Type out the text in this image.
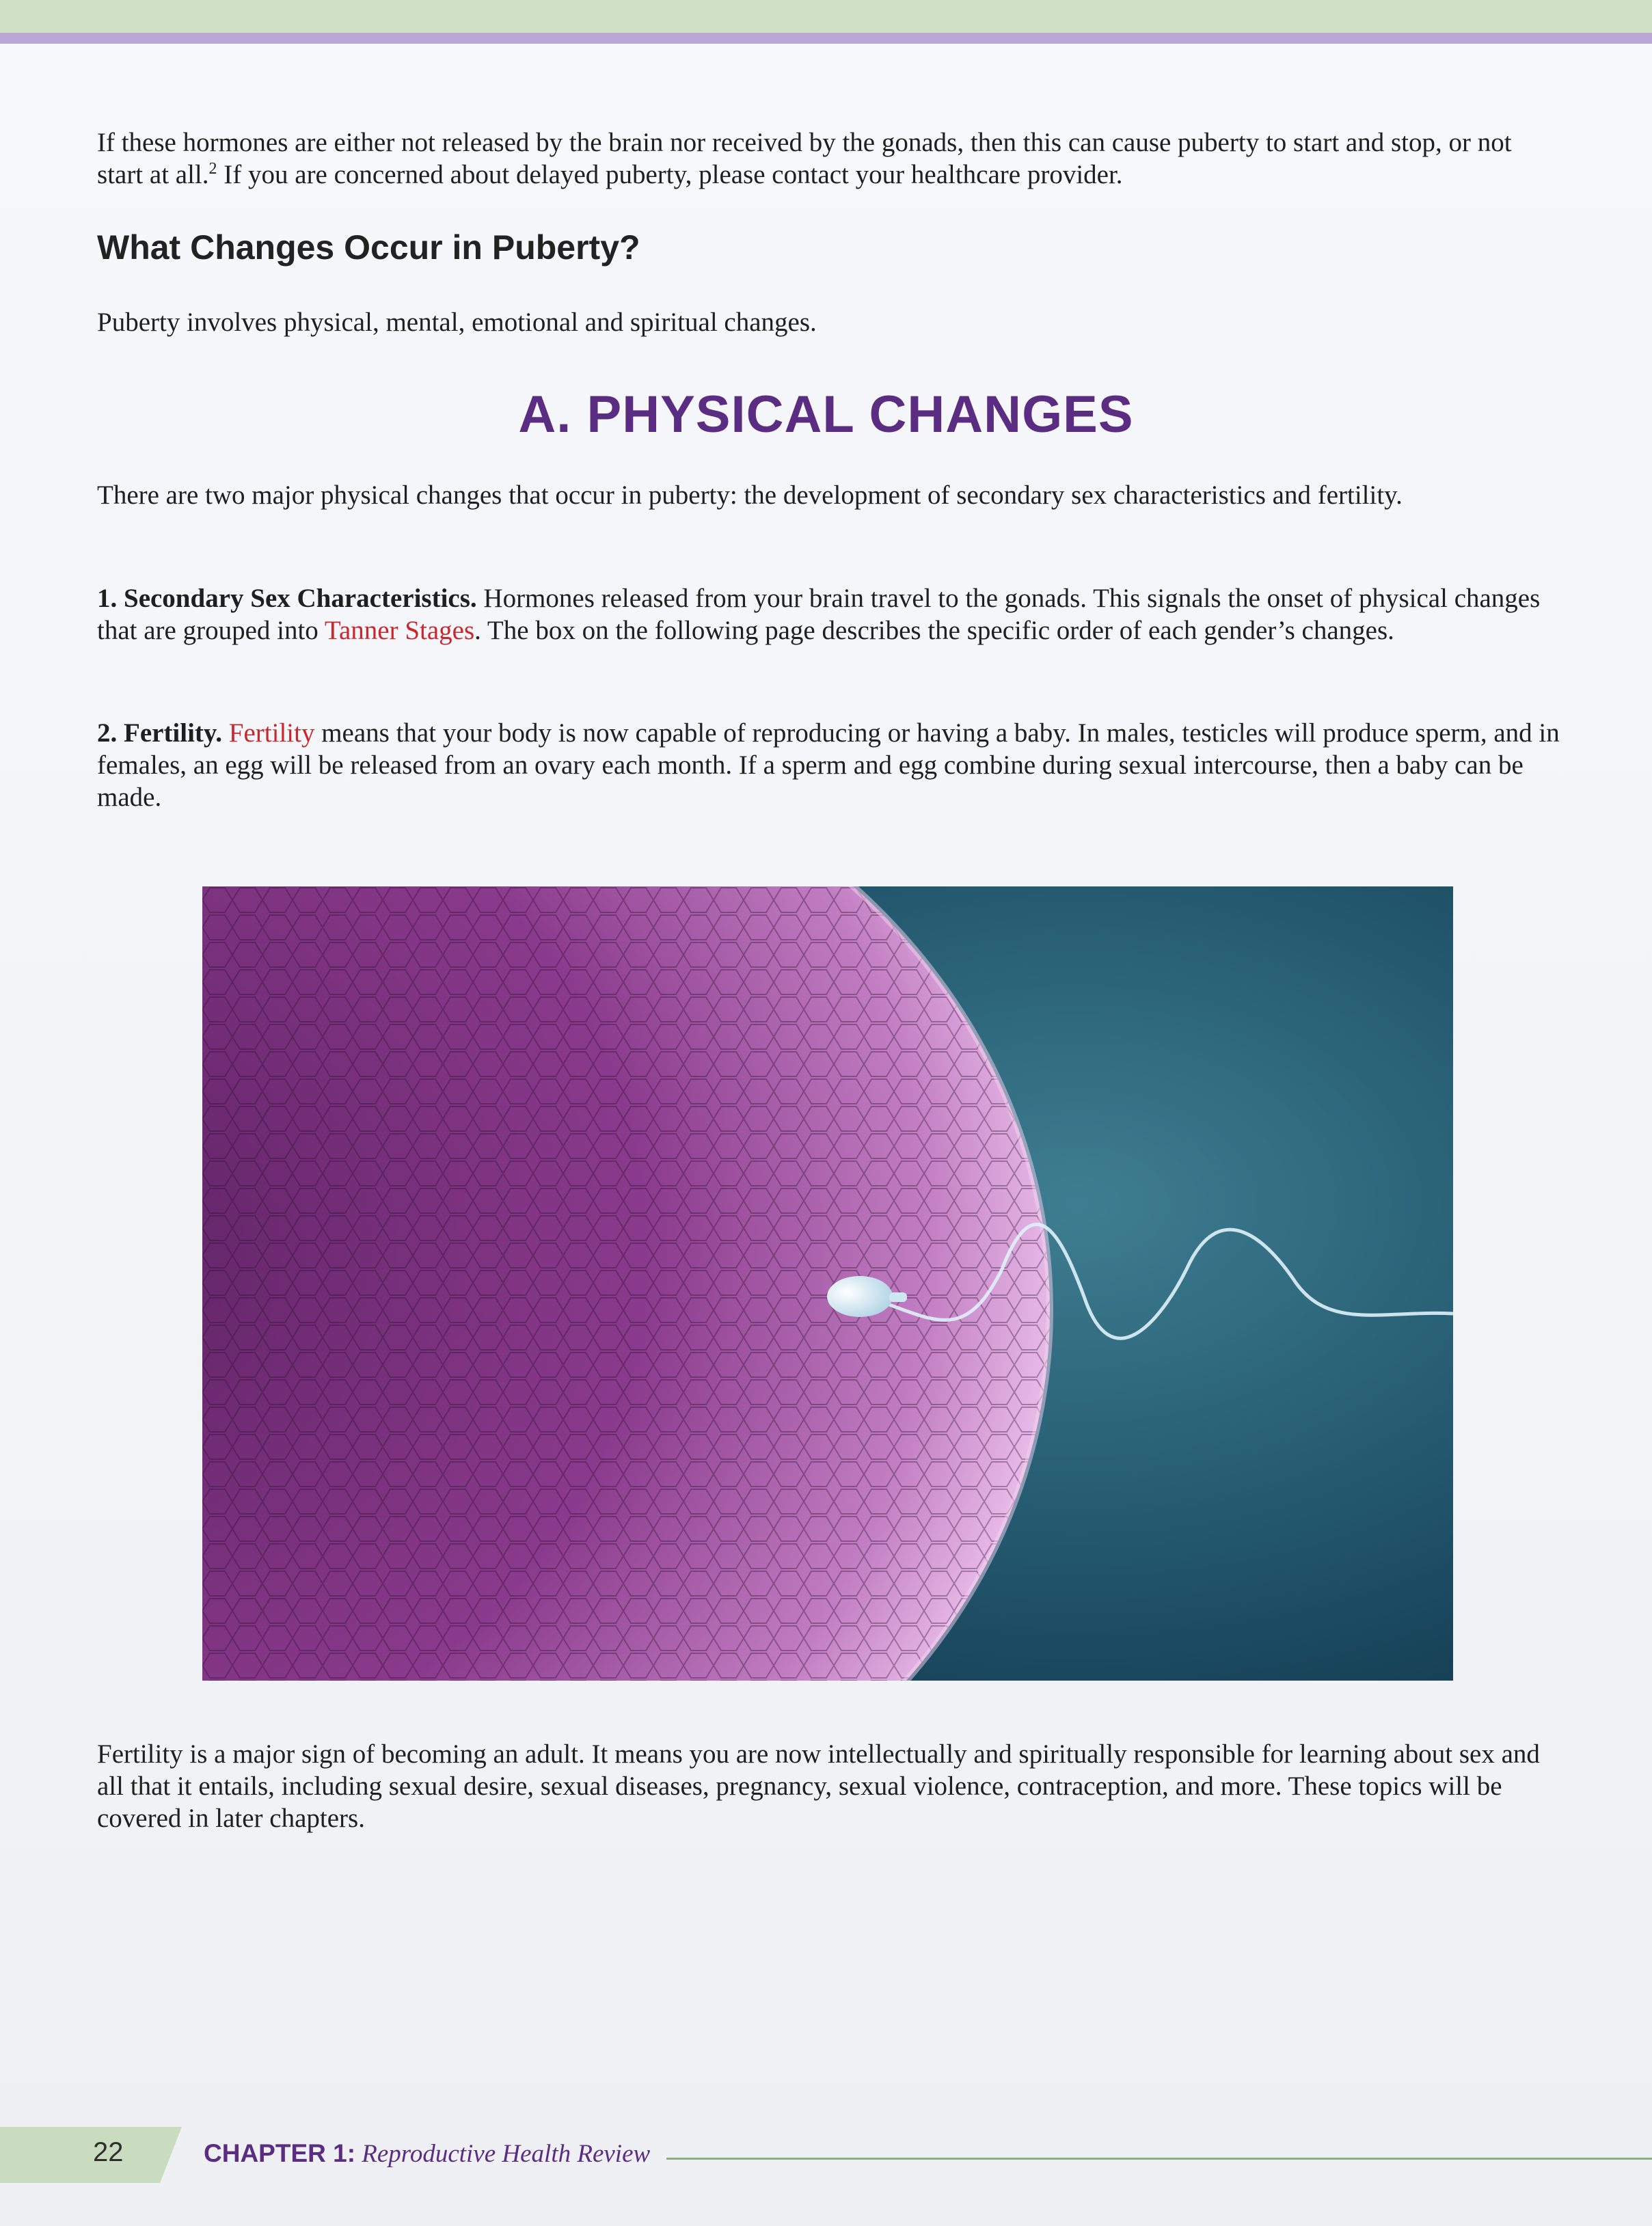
If these hormones are either not released by the brain nor received by the gonads, then this can cause puberty to start and stop, or not start at all.$^2$ If you are concerned about delayed puberty, please contact your healthcare provider.

What Changes Occur in Puberty?

Puberty involves physical, mental, emotional and spiritual changes.

A. PHYSICAL CHANGES

There are two major physical changes that occur in puberty: the development of secondary sex characteristics and fertility.

1. Secondary Sex Characteristics. Hormones released from your brain travel to the gonads. This signals the onset of physical changes that are grouped into Tanner Stages. The box on the following page describes the specific order of each gender’s changes.

2. Fertility. Fertility means that your body is now capable of reproducing or having a baby. In males, testicles will produce sperm, and in females, an egg will be released from an ovary each month. If a sperm and egg combine during sexual intercourse, then a baby can be made.

Fertility is a major sign of becoming an adult. It means you are now intellectually and spiritually responsible for learning about sex and all that it entails, including sexual desire, sexual diseases, pregnancy, sexual violence, contraception, and more. These topics will be covered in later chapters.

22	CHAPTER 1: Reproductive Health Review
